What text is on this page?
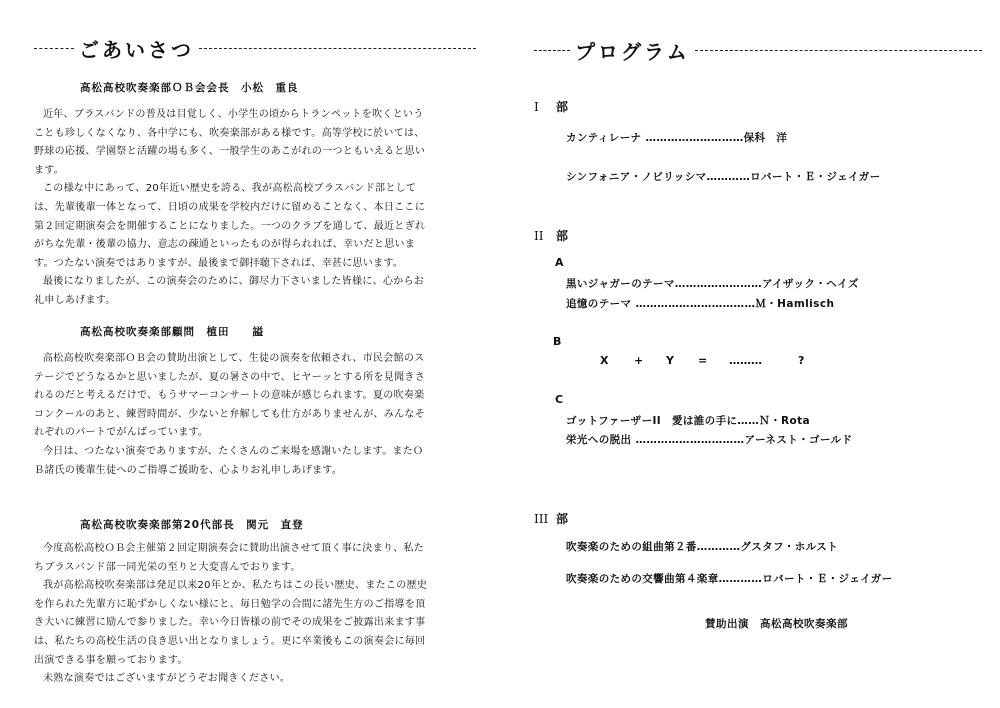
ごあいさつ
高松高校吹奏楽部ＯＢ会会長　小松　重良

近年、ブラスバンドの普及は目覚しく、小学生の頃からトランペットを吹くということも珍しくなくなり、各中学にも、吹奏楽部がある様です。高等学校に於いては、野球の応援、学園祭と活躍の場も多く、一般学生のあこがれの一つともいえると思います。

この様な中にあって、20年近い歴史を誇る、我が高松高校ブラスバンド部としては、先輩後輩一体となって、日頃の成果を学校内だけに留めることなく、本日ここに第２回定期演奏会を開催することになりました。一つのクラブを通して、最近とぎれがちな先輩・後輩の協力、意志の疎通といったものが得られれば、幸いだと思います。つたない演奏ではありますが、最後まで御拝聴下されば、幸甚に思います。

最後になりましたが、この演奏会のために、御尽力下さいました皆様に、心からお礼申しあげます。

高松高校吹奏楽部顧問　植田　　謚

高松高校吹奏楽部ＯＢ会の賛助出演として、生徒の演奏を依頼され、市民会館のステージでどうなるかと思いましたが、夏の暑さの中で、ヒヤーッとする所を見聞きされるのだと考えるだけで、もうサマーコンサートの意味が感じられます。夏の吹奏楽コンクールのあと、練習時間が、少ないと弁解しても仕方がありませんが、みんなそれぞれのパートでがんばっています。

今日は、つたない演奏でありますが、たくさんのご来場を感謝いたします。またＯＢ諸氏の後輩生徒へのご指導ご援助を、心よりお礼申しあげます。

高松高校吹奏楽部第20代部長　関元　直登

今度高松高校ＯＢ会主催第２回定期演奏会に賛助出演させて頂く事に決まり、私たちブラスバンド部一同光栄の至りと大変喜んでおります。

我が高松高校吹奏楽部は発足以来20年とか、私たちはこの長い歴史、またこの歴史を作られた先輩方に恥ずかしくない様にと、毎日勉学の合間に諸先生方のご指導を頂き大いに練習に励んで参りました。幸い今日皆様の前でその成果をご披露出来ます事は、私たちの高校生活の良き思い出となりましょう。更に卒業後もこの演奏会に毎回出演できる事を願っております。

未熟な演奏ではございますがどうぞお聞きください。

プログラム
I 部
カンティレーナ ………………………保科　洋
シンフォニア・ノビリッシマ…………ロバート・Ｅ・ジェイガー
II 部
A
黒いジャガーのテーマ……………………アイザック・ヘイズ
追憶のテーマ ……………………………Ｍ・Hamlisch
B
X + Y = ………	?
C
ゴットファーザーII　愛は誰の手に……Ｎ・Rota
栄光への脱出 …………………………アーネスト・ゴールド
III 部
吹奏楽のための組曲第２番…………グスタフ・ホルスト
吹奏楽のための交響曲第４楽章…………ロバート・Ｅ・ジェイガー
賛助出演　高松高校吹奏楽部
